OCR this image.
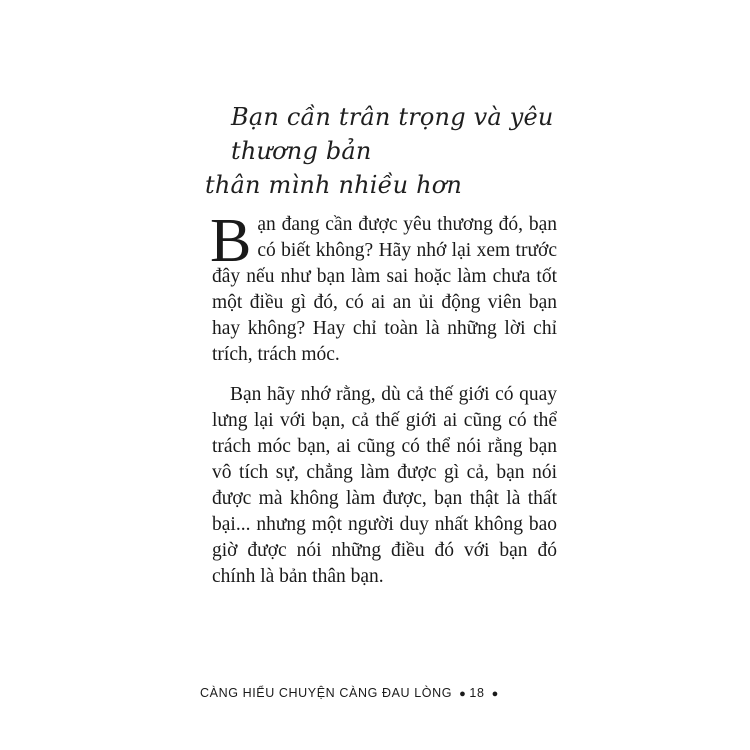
Bạn cần trân trọng và yêu thương bản
thân mình nhiều hơn

Bạn đang cần được yêu thương đó, bạn có biết không? Hãy nhớ lại xem trước đây nếu như bạn làm sai hoặc làm chưa tốt một điều gì đó, có ai an ủi động viên bạn hay không? Hay chỉ toàn là những lời chỉ trích, trách móc.

Bạn hãy nhớ rằng, dù cả thế giới có quay lưng lại với bạn, cả thế giới ai cũng có thể trách móc bạn, ai cũng có thể nói rằng bạn vô tích sự, chẳng làm được gì cả, bạn nói được mà không làm được, bạn thật là thất bại... nhưng một người duy nhất không bao giờ được nói những điều đó với bạn đó chính là bản thân bạn.

CÀNG HIỂU CHUYỆN CÀNG ĐAU LÒNG ● 18 ●
